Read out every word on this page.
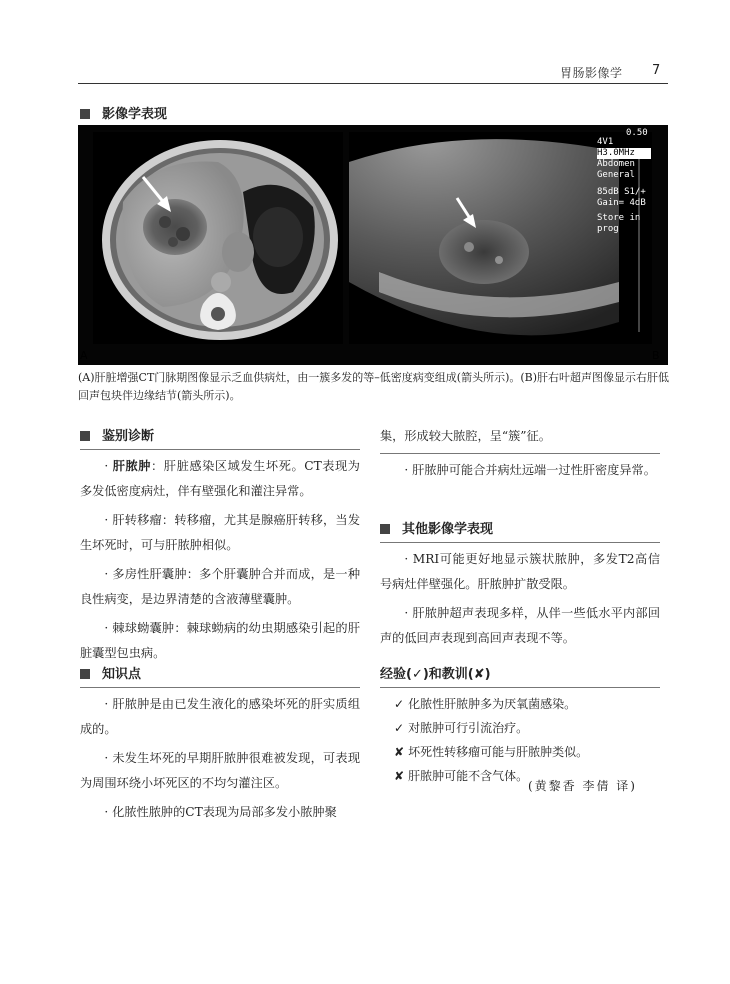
胃肠影像学 7
影像学表现
A
4V1
H3.0MHz
Abdomen
General
85dB S1/+
Gain= 4dB
Store in prog
0.50
B
(A)肝脏增强CT门脉期图像显示乏血供病灶，由一簇多发的等–低密度病变组成(箭头所示)。(B)肝右叶超声图像显示右肝低回声包块伴边缘结节(箭头所示)。
鉴别诊断
· 肝脓肿：肝脏感染区域发生坏死。CT表现为多发低密度病灶，伴有壁强化和灌注异常。
· 肝转移瘤：转移瘤，尤其是腺癌肝转移，当发生坏死时，可与肝脓肿相似。
· 多房性肝囊肿：多个肝囊肿合并而成，是一种良性病变，是边界清楚的含液薄壁囊肿。
· 棘球蚴囊肿：棘球蚴病的幼虫期感染引起的肝脏囊型包虫病。
知识点
· 肝脓肿是由已发生液化的感染坏死的肝实质组成的。
· 未发生坏死的早期肝脓肿很难被发现，可表现为周围环绕小坏死区的不均匀灌注区。
· 化脓性脓肿的CT表现为局部多发小脓肿聚
集，形成较大脓腔，呈“簇”征。
· 肝脓肿可能合并病灶远端一过性肝密度异常。
其他影像学表现
· MRI可能更好地显示簇状脓肿，多发T2高信号病灶伴壁强化。肝脓肿扩散受限。
· 肝脓肿超声表现多样，从伴一些低水平内部回声的低回声表现到高回声表现不等。
经验(✓)和教训(✘)
✓ 化脓性肝脓肿多为厌氧菌感染。
✓ 对脓肿可行引流治疗。
✘ 坏死性转移瘤可能与肝脓肿类似。
✘ 肝脓肿可能不含气体。
(黄黎香 李倩 译)
